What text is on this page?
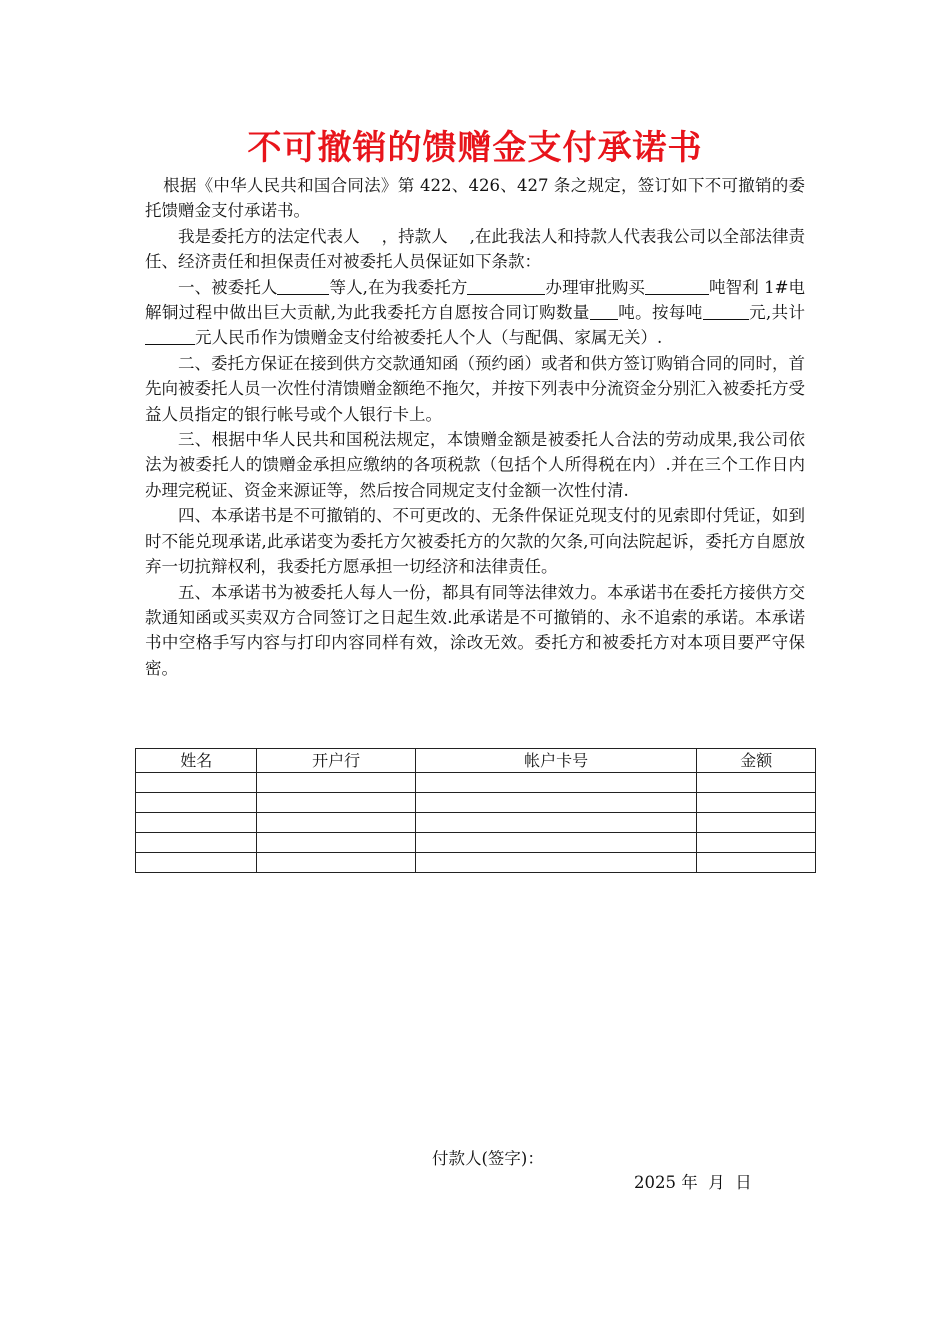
不可撤销的馈赠金支付承诺书

根据《中华人民共和国合同法》第 422、426、427 条之规定，签订如下不可撤销的委托馈赠金支付承诺书。

我是委托方的法定代表人 ，持款人 ,在此我法人和持款人代表我公司以全部法律责任、经济责任和担保责任对被委托人员保证如下条款：

一、被委托人	等人,在为我委托方	办理审批购买	吨智利 1#电解铜过程中做出巨大贡献,为此我委托方自愿按合同订购数量 吨。按每吨	元,共计元人民币作为馈赠金支付给被委托人个人（与配偶、家属无关）.

二、委托方保证在接到供方交款通知函（预约函）或者和供方签订购销合同的同时，首先向被委托人员一次性付清馈赠金额绝不拖欠，并按下列表中分流资金分别汇入被委托方受益人员指定的银行帐号或个人银行卡上。

三、根据中华人民共和国税法规定，本馈赠金额是被委托人合法的劳动成果,我公司依法为被委托人的馈赠金承担应缴纳的各项税款（包括个人所得税在内）.并在三个工作日内办理完税证、资金来源证等，然后按合同规定支付金额一次性付清.

四、本承诺书是不可撤销的、不可更改的、无条件保证兑现支付的见索即付凭证，如到时不能兑现承诺,此承诺变为委托方欠被委托方的欠款的欠条,可向法院起诉，委托方自愿放弃一切抗辩权利，我委托方愿承担一切经济和法律责任。

五、本承诺书为被委托人每人一份，都具有同等法律效力。本承诺书在委托方接供方交款通知函或买卖双方合同签订之日起生效.此承诺是不可撤销的、永不追索的承诺。本承诺书中空格手写内容与打印内容同样有效，涂改无效。委托方和被委托方对本项目要严守保密。

姓名	开户行	帐户卡号	金额

付款人(签字)：
2025 年  月  日
